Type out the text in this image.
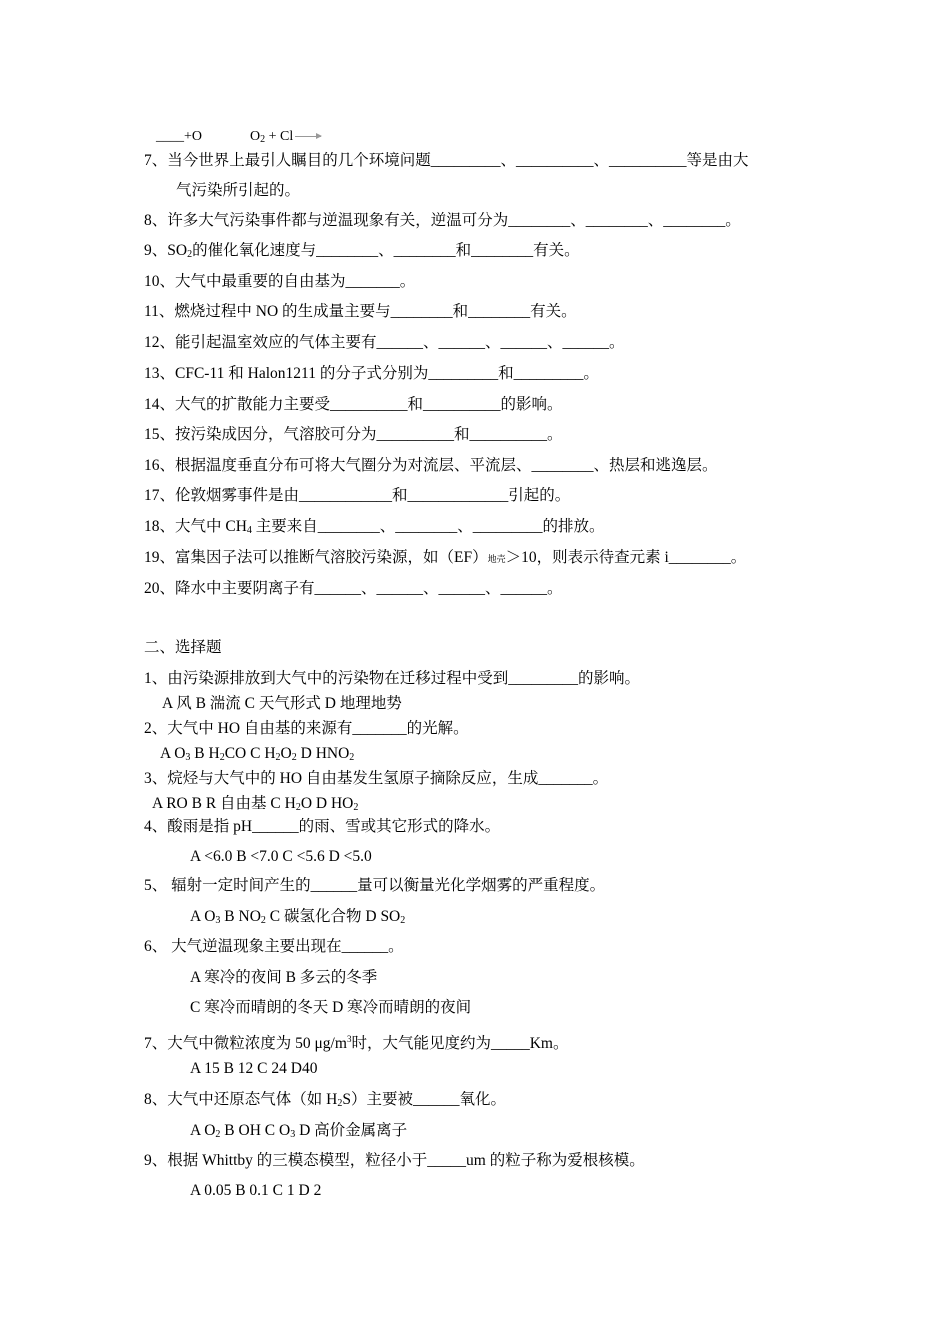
____+O	$O_2 + Cl$ →
7、当今世界上最引人瞩目的几个环境问题_________、__________、__________等是由大
气污染所引起的。
8、许多大气污染事件都与逆温现象有关，逆温可分为________、________、________。
9、$SO_2$的催化氧化速度与________、________和________有关。
10、大气中最重要的自由基为_______。
11、燃烧过程中 NO 的生成量主要与________和________有关。
12、能引起温室效应的气体主要有______、______、______、______。
13、CFC-11 和 Halon1211 的分子式分别为_________和_________。
14、大气的扩散能力主要受__________和__________的影响。
15、按污染成因分，气溶胶可分为__________和__________。
16、根据温度垂直分布可将大气圈分为对流层、平流层、________、热层和逃逸层。
17、伦敦烟雾事件是由____________和_____________引起的。
18、大气中 $CH_4$ 主要来自________、________、_________的排放。
19、富集因子法可以推断气溶胶污染源，如（EF）地壳＞10，则表示待查元素 i________。
20、降水中主要阴离子有______、______、______、______。
二、选择题
1、由污染源排放到大气中的污染物在迁移过程中受到_________的影响。
A 风 B 湍流 C 天气形式 D 地理地势
2、大气中 HO 自由基的来源有_______的光解。
A $O_3$ B $H_2CO$ C $H_2O_2$ D $HNO_2$
3、烷烃与大气中的 HO 自由基发生氢原子摘除反应，生成_______。
A RO B R 自由基 C $H_2O$ D $HO_2$
4、酸雨是指 pH______的雨、雪或其它形式的降水。
A <6.0 B <7.0 C <5.6 D <5.0
5、 辐射一定时间产生的______量可以衡量光化学烟雾的严重程度。
A $O_3$ B $NO_2$ C 碳氢化合物 D $SO_2$
6、 大气逆温现象主要出现在______。
A 寒冷的夜间 B 多云的冬季
C 寒冷而晴朗的冬天 D 寒冷而晴朗的夜间
7、大气中微粒浓度为 50 $\mu g/m^3$时，大气能见度约为_____Km。
A 15 B 12 C 24 D40
8、大气中还原态气体（如 $H_2S$）主要被______氧化。
A $O_2$ B OH C $O_3$ D 高价金属离子
9、根据 Whittby 的三模态模型，粒径小于_____um 的粒子称为爱根核模。
A 0.05 B 0.1 C 1 D 2
